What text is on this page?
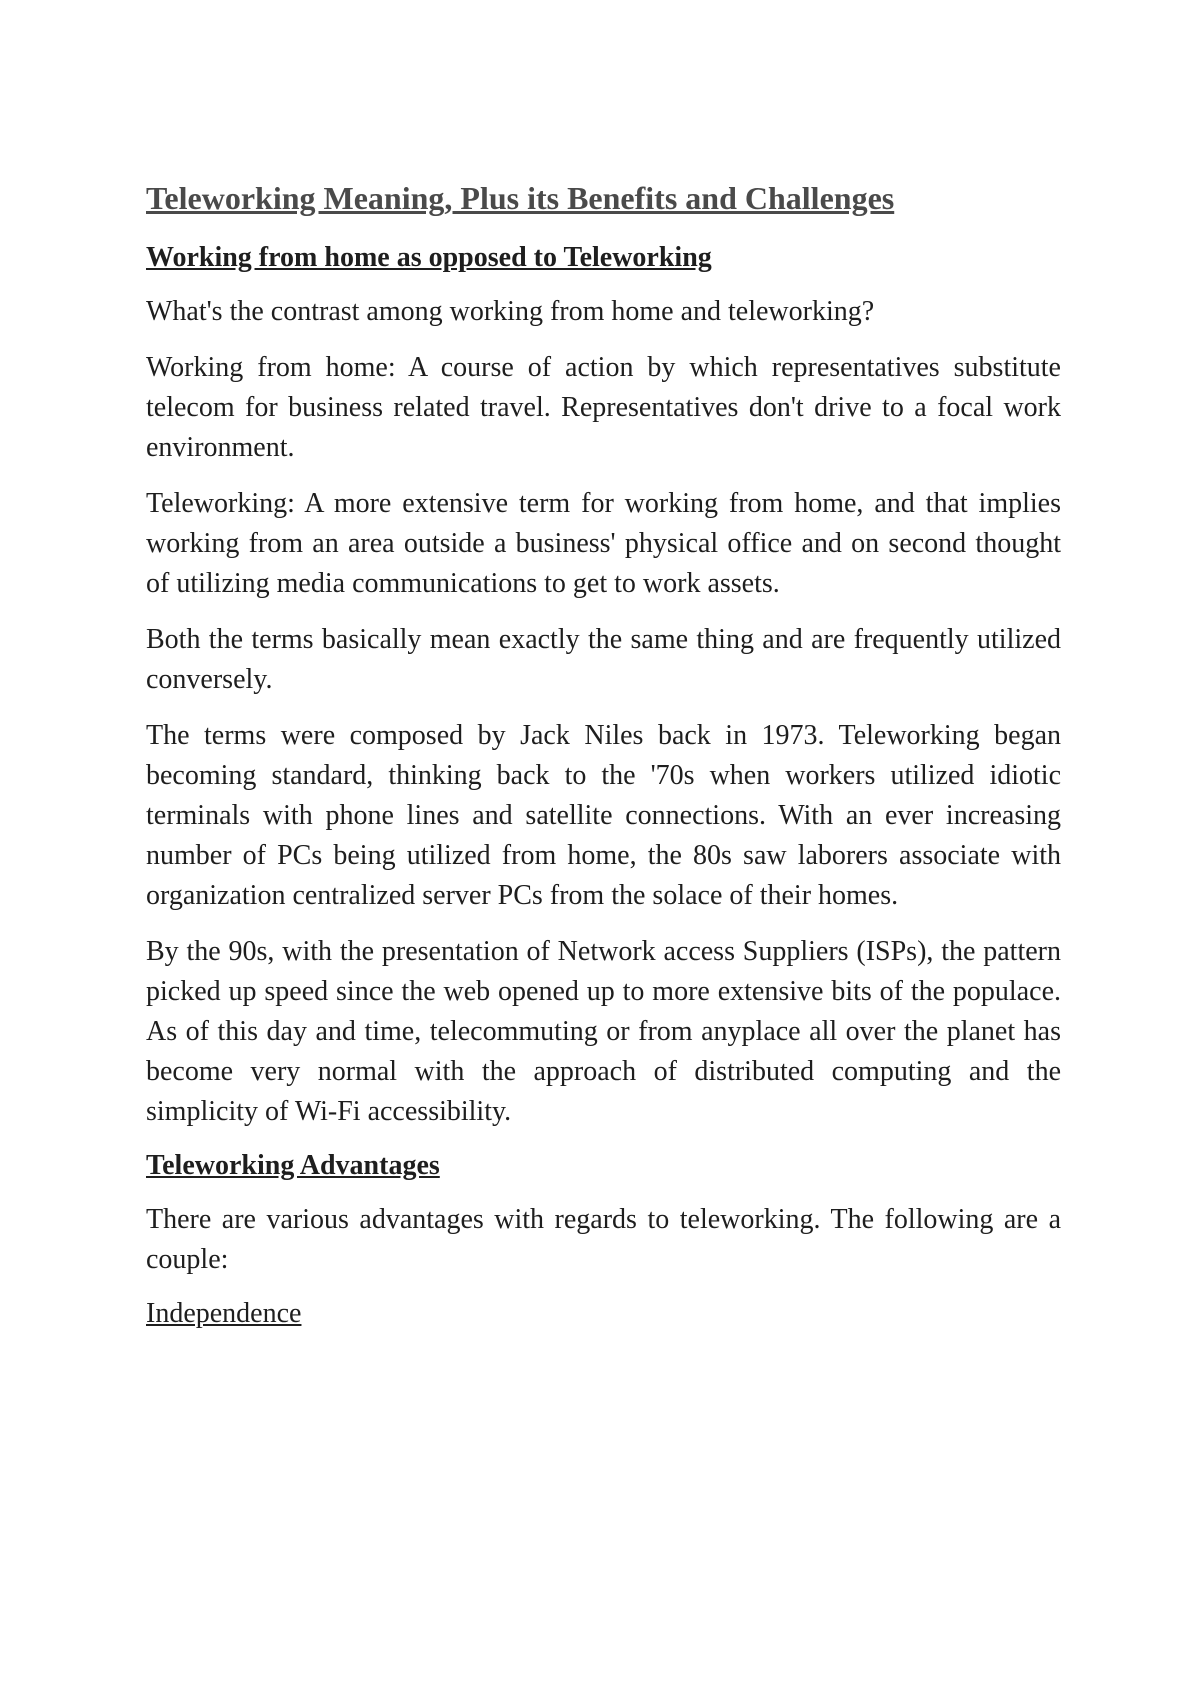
Teleworking Meaning, Plus its Benefits and Challenges
Working from home as opposed to Teleworking

What's the contrast among working from home and teleworking?

Working from home: A course of action by which representatives substitute telecom for business related travel. Representatives don't drive to a focal work environment.

Teleworking: A more extensive term for working from home, and that implies working from an area outside a business' physical office and on second thought of utilizing media communications to get to work assets.

Both the terms basically mean exactly the same thing and are frequently utilized conversely.

The terms were composed by Jack Niles back in 1973. Teleworking began becoming standard, thinking back to the '70s when workers utilized idiotic terminals with phone lines and satellite connections. With an ever increasing number of PCs being utilized from home, the 80s saw laborers associate with organization centralized server PCs from the solace of their homes.

By the 90s, with the presentation of Network access Suppliers (ISPs), the pattern picked up speed since the web opened up to more extensive bits of the populace. As of this day and time, telecommuting or from anyplace all over the planet has become very normal with the approach of distributed computing and the simplicity of Wi-Fi accessibility.

Teleworking Advantages

There are various advantages with regards to teleworking. The following are a couple:

Independence
